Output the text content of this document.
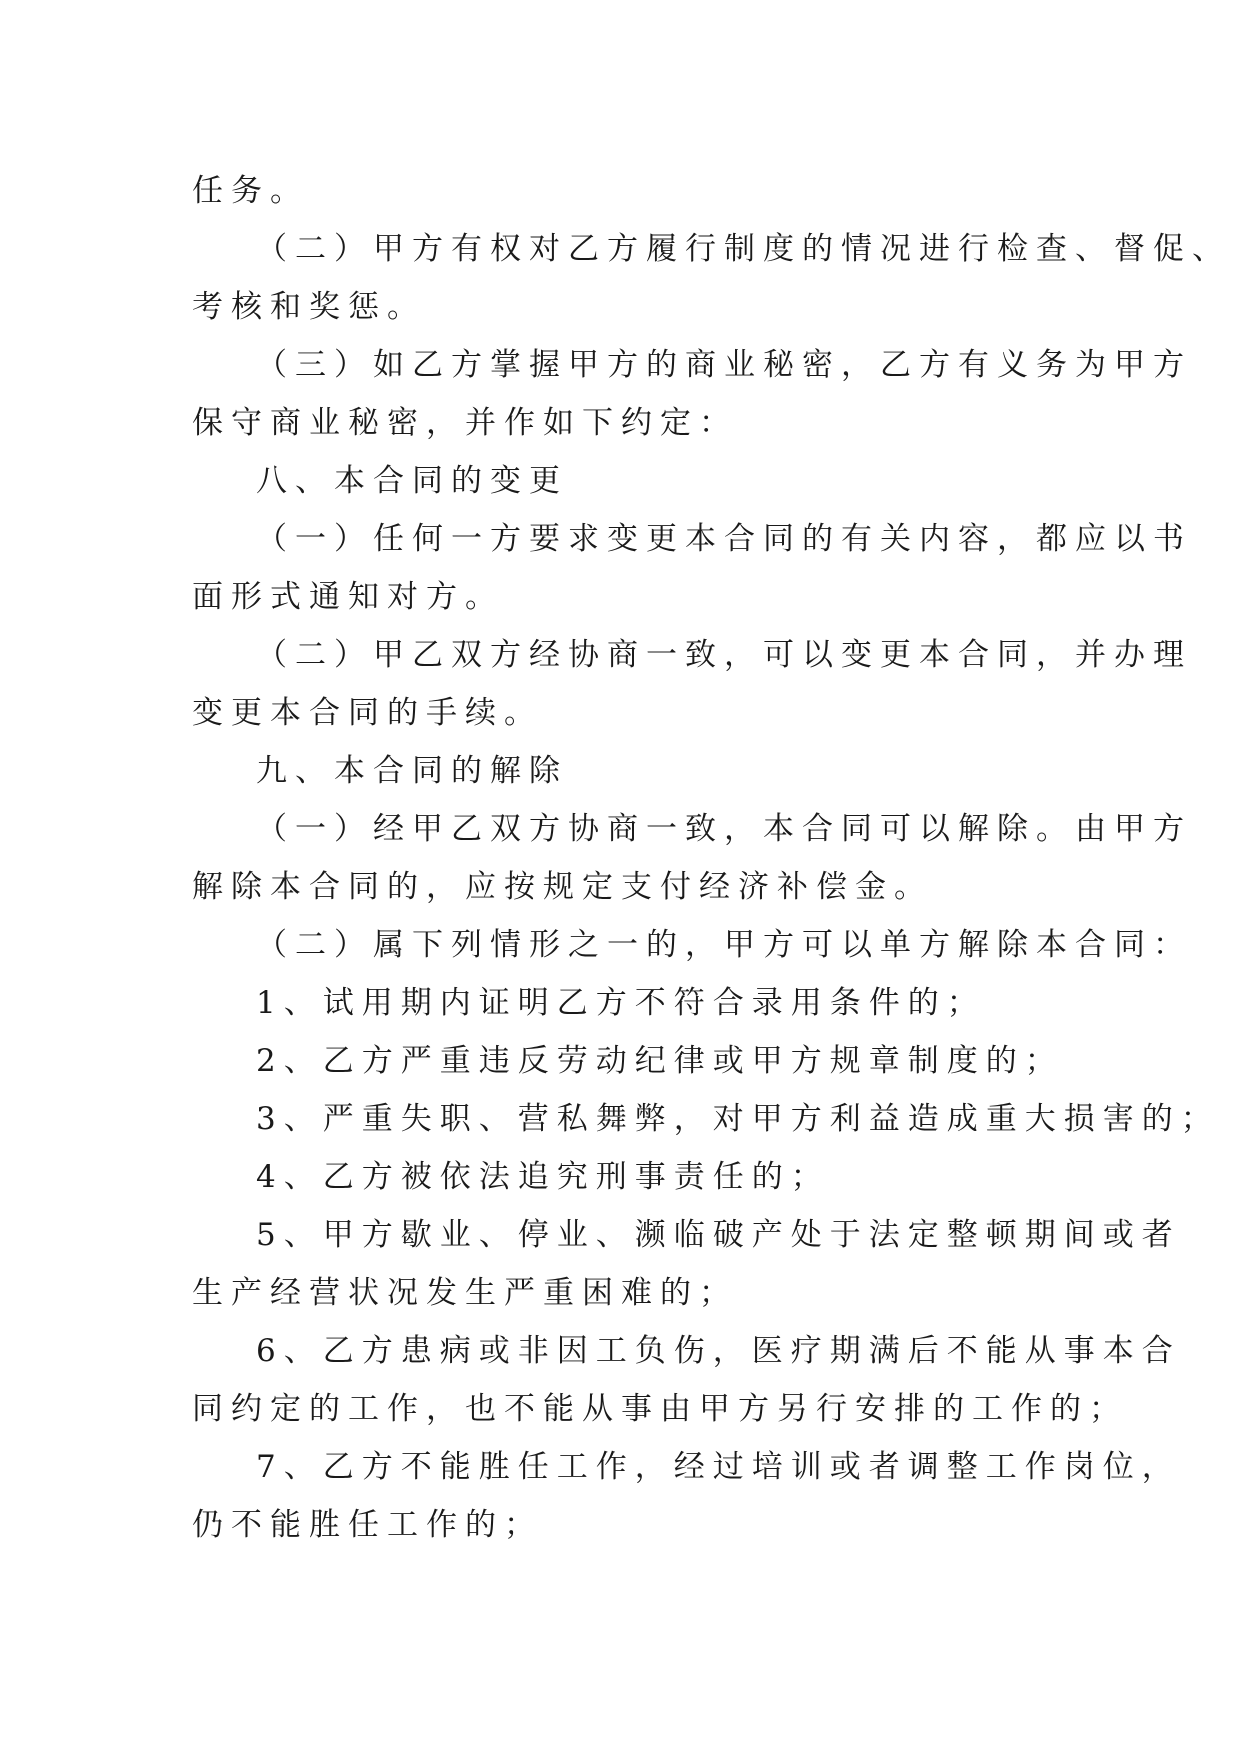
任务。

（二）甲方有权对乙方履行制度的情况进行检查、督促、

考核和奖惩。

（三）如乙方掌握甲方的商业秘密，乙方有义务为甲方

保守商业秘密，并作如下约定：

八、本合同的变更

（一）任何一方要求变更本合同的有关内容，都应以书

面形式通知对方。

（二）甲乙双方经协商一致，可以变更本合同，并办理

变更本合同的手续。

九、本合同的解除

（一）经甲乙双方协商一致，本合同可以解除。由甲方

解除本合同的，应按规定支付经济补偿金。

（二）属下列情形之一的，甲方可以单方解除本合同：

1、试用期内证明乙方不符合录用条件的；

2、乙方严重违反劳动纪律或甲方规章制度的；

3、严重失职、营私舞弊，对甲方利益造成重大损害的；

4、乙方被依法追究刑事责任的；

5、甲方歇业、停业、濒临破产处于法定整顿期间或者

生产经营状况发生严重困难的；

6、乙方患病或非因工负伤，医疗期满后不能从事本合

同约定的工作，也不能从事由甲方另行安排的工作的；

7、乙方不能胜任工作，经过培训或者调整工作岗位，

仍不能胜任工作的；
